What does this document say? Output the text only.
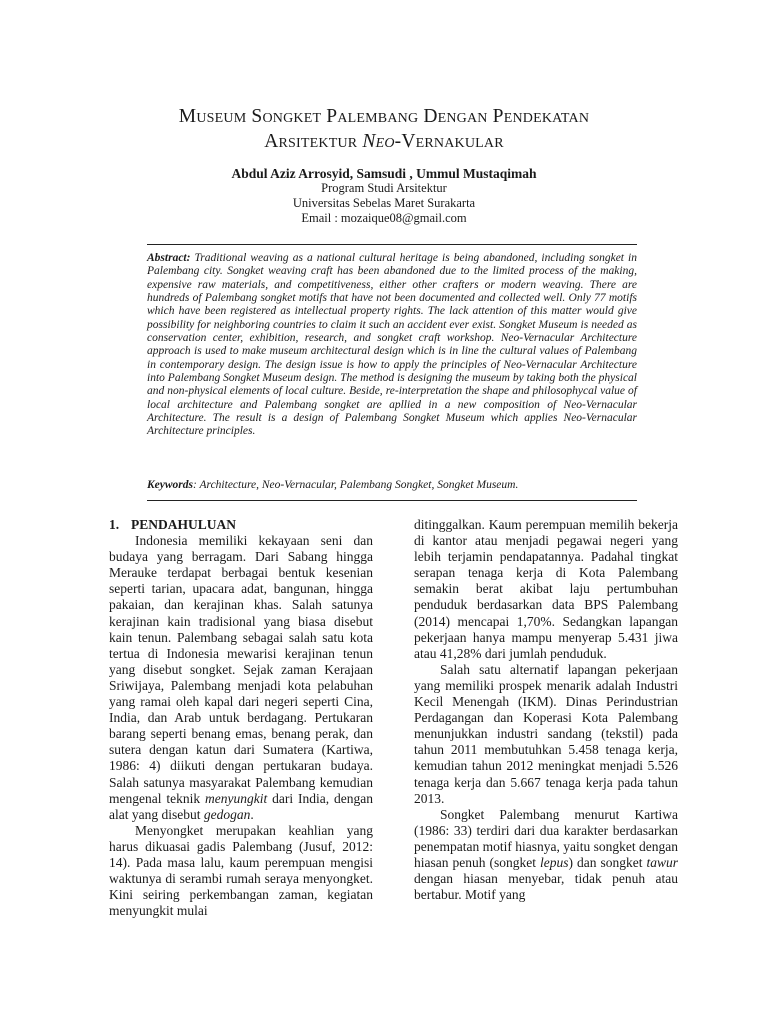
Museum Songket Palembang Dengan Pendekatan
Arsitektur Neo-Vernakular
Abdul Aziz Arrosyid, Samsudi , Ummul Mustaqimah
Program Studi Arsitektur
Universitas Sebelas Maret Surakarta
Email : mozaique08@gmail.com
Abstract: Traditional weaving as a national cultural heritage is being abandoned, including songket in Palembang city. Songket weaving craft has been abandoned due to the limited process of the making, expensive raw materials, and competitiveness, either other crafters or modern weaving. There are hundreds of Palembang songket motifs that have not been documented and collected well. Only 77 motifs which have been registered as intellectual property rights. The lack attention of this matter would give possibility for neighboring countries to claim it such an accident ever exist. Songket Museum is needed as conservation center, exhibition, research, and songket craft workshop. Neo-Vernacular Architecture approach is used to make museum architectural design which is in line the cultural values of Palembang in contemporary design. The design issue is how to apply the principles of Neo-Vernacular Architecture into Palembang Songket Museum design. The method is designing the museum by taking both the physical and non-physical elements of local culture. Beside, re-interpretation the shape and philosophycal value of local architecture and Palembang songket are apllied in a new composition of Neo-Vernacular Architecture. The result is a design of Palembang Songket Museum which applies Neo-Vernacular Architecture principles.
Keywords: Architecture, Neo-Vernacular, Palembang Songket, Songket Museum.
1. PENDAHULUAN

Indonesia memiliki kekayaan seni dan budaya yang berragam. Dari Sabang hingga Merauke terdapat berbagai bentuk kesenian seperti tarian, upacara adat, bangunan, hingga pakaian, dan kerajinan khas. Salah satunya kerajinan kain tradisional yang biasa disebut kain tenun. Palembang sebagai salah satu kota tertua di Indonesia mewarisi kerajinan tenun yang disebut songket. Sejak zaman Kerajaan Sriwijaya, Palembang menjadi kota pelabuhan yang ramai oleh kapal dari negeri seperti Cina, India, dan Arab untuk berdagang. Pertukaran barang seperti benang emas, benang perak, dan sutera dengan katun dari Sumatera (Kartiwa, 1986: 4) diikuti dengan pertukaran budaya. Salah satunya masyarakat Palembang kemudian mengenal teknik menyungkit dari India, dengan alat yang disebut gedogan.

Menyongket merupakan keahlian yang harus dikuasai gadis Palembang (Jusuf, 2012: 14). Pada masa lalu, kaum perempuan mengisi waktunya di serambi rumah seraya menyongket. Kini seiring perkembangan zaman, kegiatan menyungkit mulai

ditinggalkan. Kaum perempuan memilih bekerja di kantor atau menjadi pegawai negeri yang lebih terjamin pendapatannya. Padahal tingkat serapan tenaga kerja di Kota Palembang semakin berat akibat laju pertumbuhan penduduk berdasarkan data BPS Palembang (2014) mencapai 1,70%. Sedangkan lapangan pekerjaan hanya mampu menyerap 5.431 jiwa atau 41,28% dari jumlah penduduk.

Salah satu alternatif lapangan pekerjaan yang memiliki prospek menarik adalah Industri Kecil Menengah (IKM). Dinas Perindustrian Perdagangan dan Koperasi Kota Palembang menunjukkan industri sandang (tekstil) pada tahun 2011 membutuhkan 5.458 tenaga kerja, kemudian tahun 2012 meningkat menjadi 5.526 tenaga kerja dan 5.667 tenaga kerja pada tahun 2013.

Songket Palembang menurut Kartiwa (1986: 33) terdiri dari dua karakter berdasarkan penempatan motif hiasnya, yaitu songket dengan hiasan penuh (songket lepus) dan songket tawur dengan hiasan menyebar, tidak penuh atau bertabur. Motif yang
